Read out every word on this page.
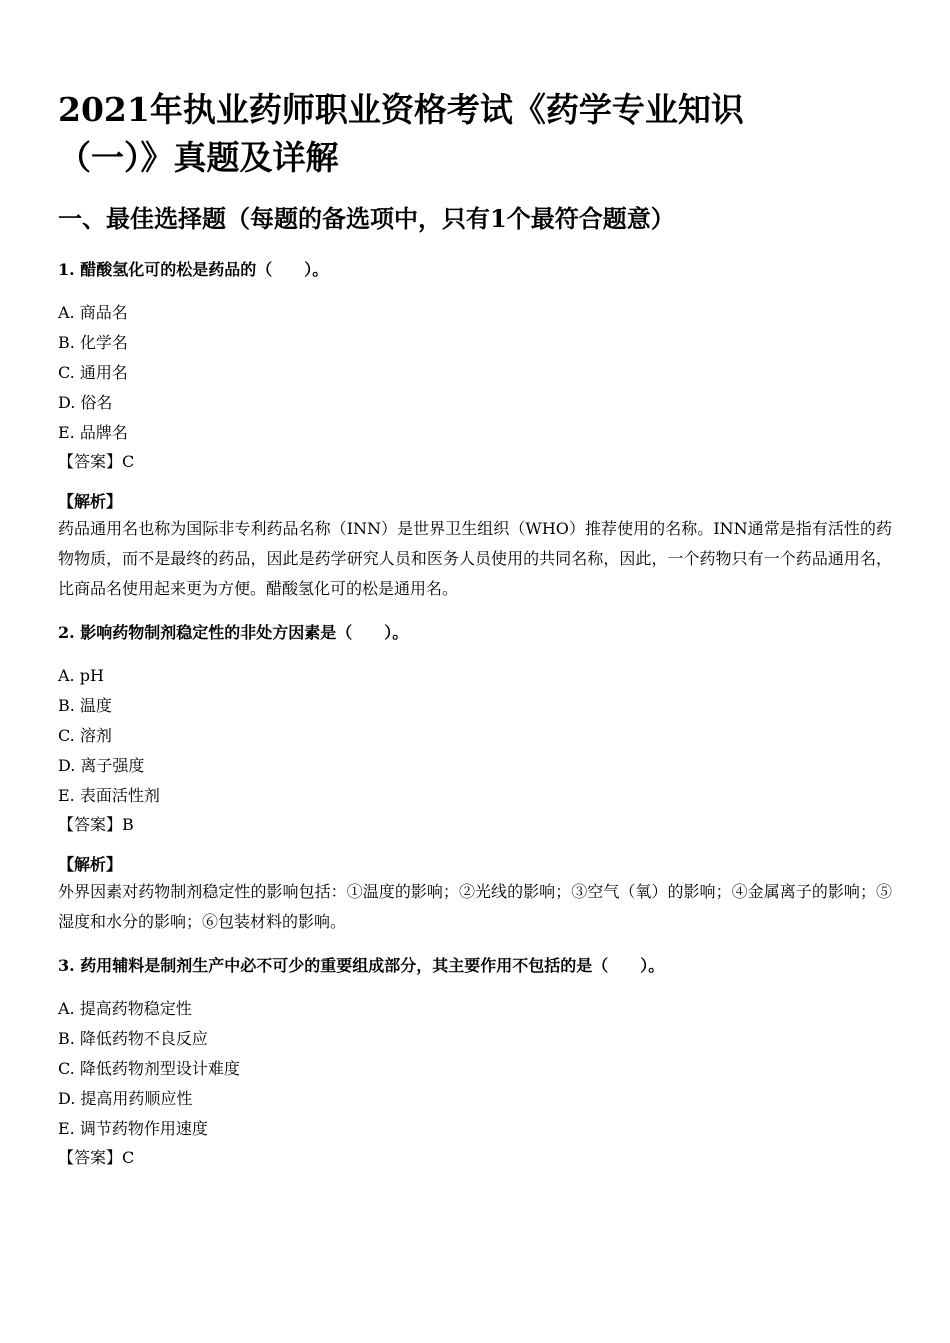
2021年执业药师职业资格考试《药学专业知识（一）》真题及详解
一、最佳选择题（每题的备选项中，只有1个最符合题意）

1. 醋酸氢化可的松是药品的（　　）。

A. 商品名

B. 化学名

C. 通用名

D. 俗名

E. 品牌名

【答案】C

【解析】

药品通用名也称为国际非专利药品名称（INN）是世界卫生组织（WHO）推荐使用的名称。INN通常是指有活性的药物物质，而不是最终的药品，因此是药学研究人员和医务人员使用的共同名称，因此，一个药物只有一个药品通用名，比商品名使用起来更为方便。醋酸氢化可的松是通用名。

2. 影响药物制剂稳定性的非处方因素是（　　）。

A. pH

B. 温度

C. 溶剂

D. 离子强度

E. 表面活性剂

【答案】B

【解析】

外界因素对药物制剂稳定性的影响包括：①温度的影响；②光线的影响；③空气（氧）的影响；④金属离子的影响；⑤湿度和水分的影响；⑥包装材料的影响。

3. 药用辅料是制剂生产中必不可少的重要组成部分，其主要作用不包括的是（　　）。

A. 提高药物稳定性

B. 降低药物不良反应

C. 降低药物剂型设计难度

D. 提高用药顺应性

E. 调节药物作用速度

【答案】C
